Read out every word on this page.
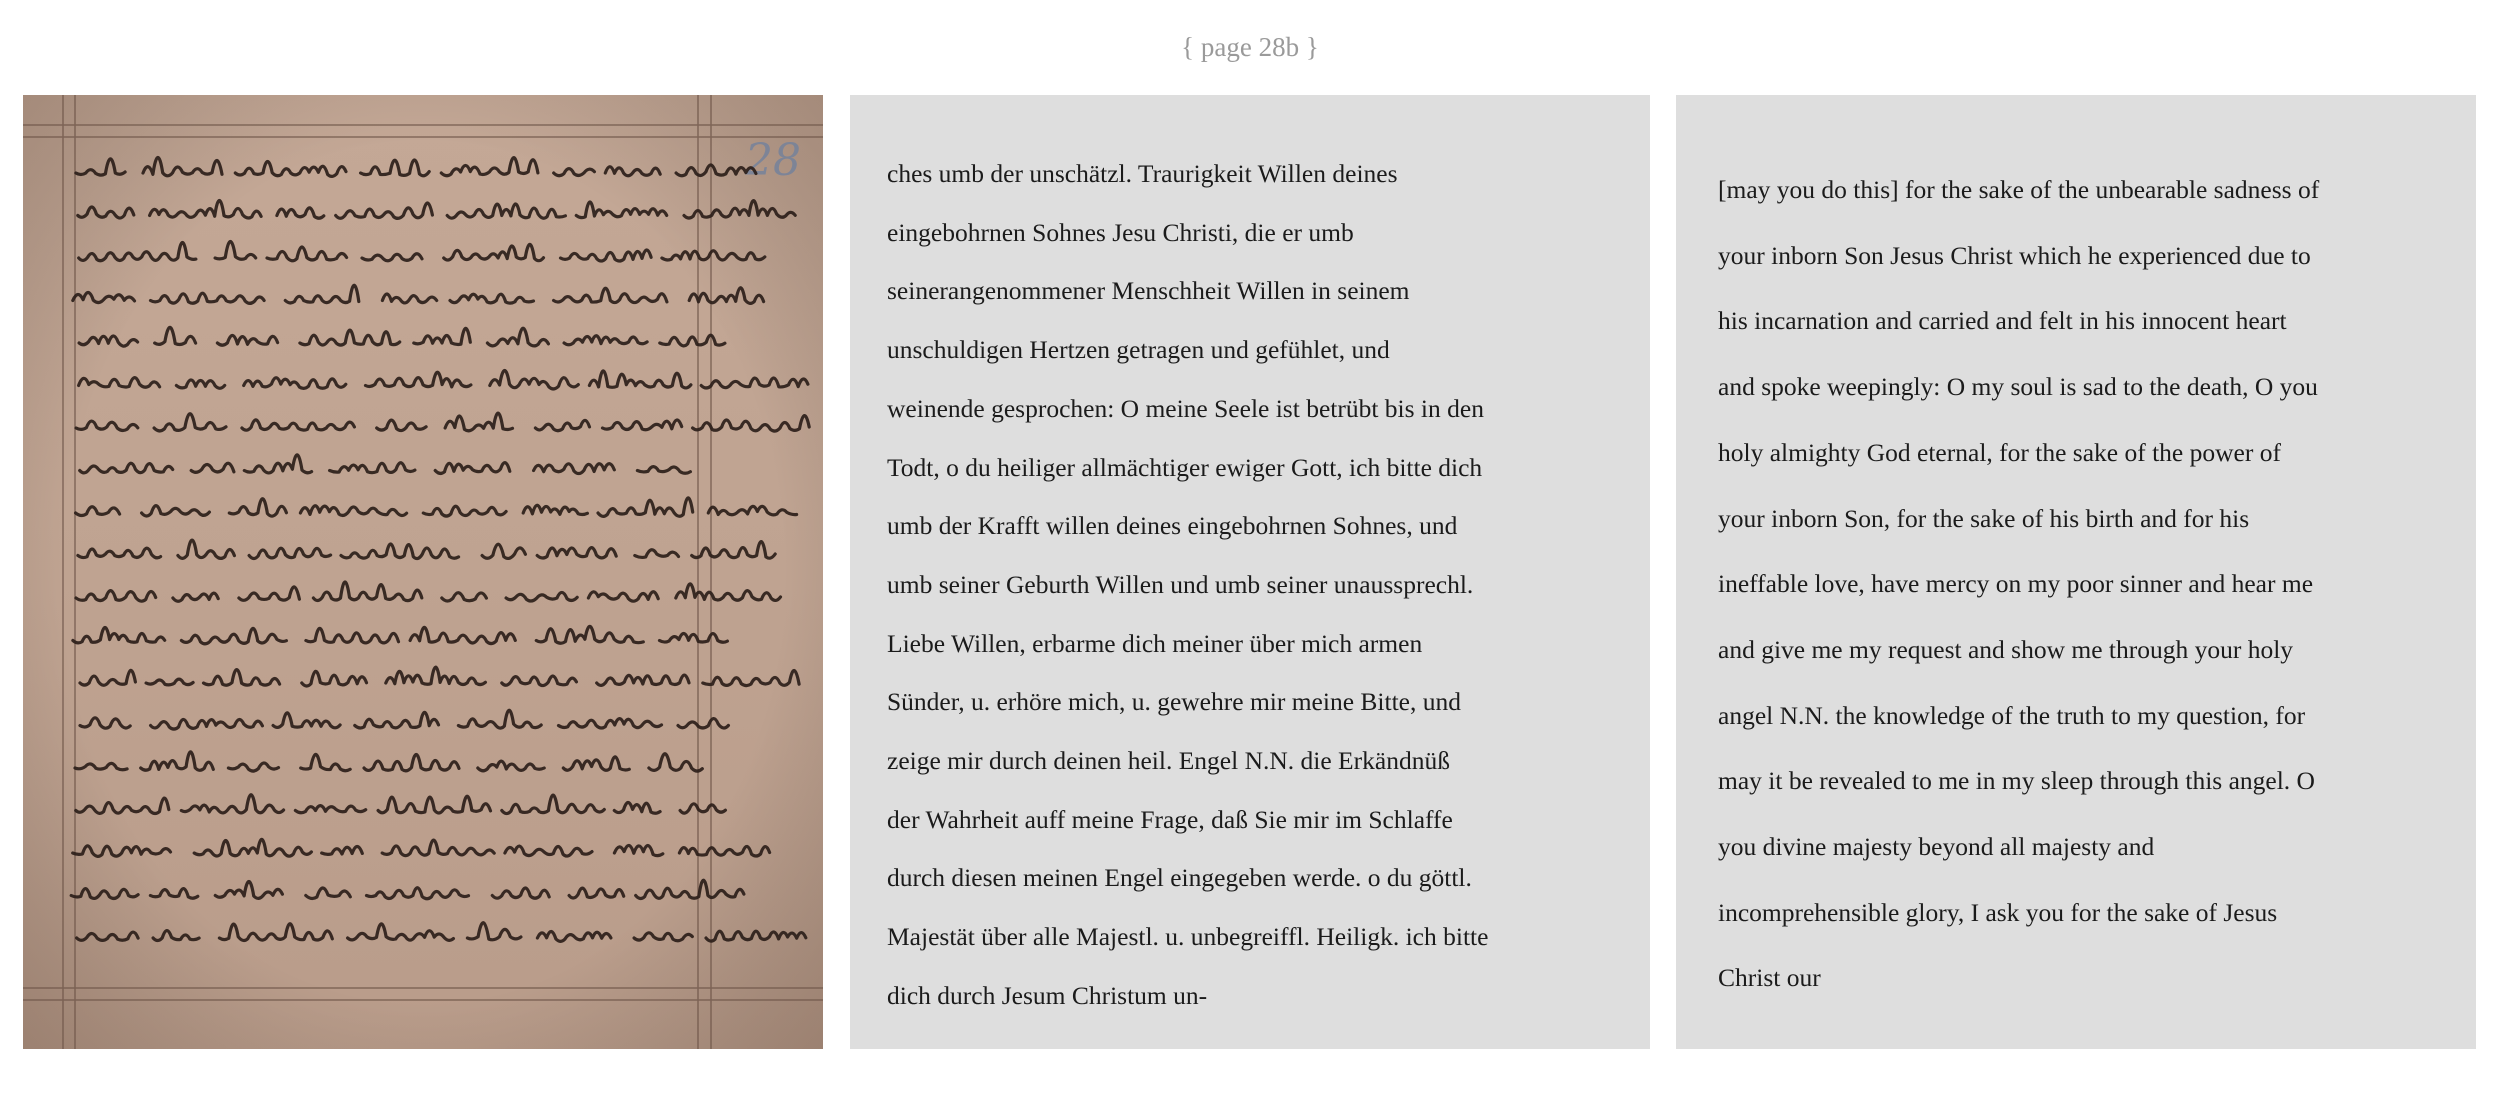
{ page 28b }
28	ches umb der unschätzl. Traurigkeit Willen deines
eingebohrnen Sohnes Jesu Christi, die er umb
seinerangenommener Menschheit Willen in seinem
unschuldigen Hertzen getragen und gefühlet, und
weinende gesprochen: O meine Seele ist betrübt bis in den
Todt, o du heiliger allmächtiger ewiger Gott, ich bitte dich
umb der Krafft willen deines eingebohrnen Sohnes, und
umb seiner Geburth Willen und umb seiner unaussprechl.
Liebe Willen, erbarme dich meiner über mich armen
Sünder, u. erhöre mich, u. gewehre mir meine Bitte, und
zeige mir durch deinen heil. Engel N.N. die Erkändnüß
der Wahrheit auff meine Frage, daß Sie mir im Schlaffe
durch diesen meinen Engel eingegeben werde. o du göttl.
Majestät über alle Majestl. u. unbegreiffl. Heiligk. ich bitte
dich durch Jesum Christum un-
[may you do this] for the sake of the unbearable sadness of
your inborn Son Jesus Christ which he experienced due to
his incarnation and carried and felt in his innocent heart
and spoke weepingly: O my soul is sad to the death, O you
holy almighty God eternal, for the sake of the power of
your inborn Son, for the sake of his birth and for his
ineffable love, have mercy on my poor sinner and hear me
and give me my request and show me through your holy
angel N.N. the knowledge of the truth to my question, for
may it be revealed to me in my sleep through this angel. O
you divine majesty beyond all majesty and
incomprehensible glory, I ask you for the sake of Jesus
Christ our
